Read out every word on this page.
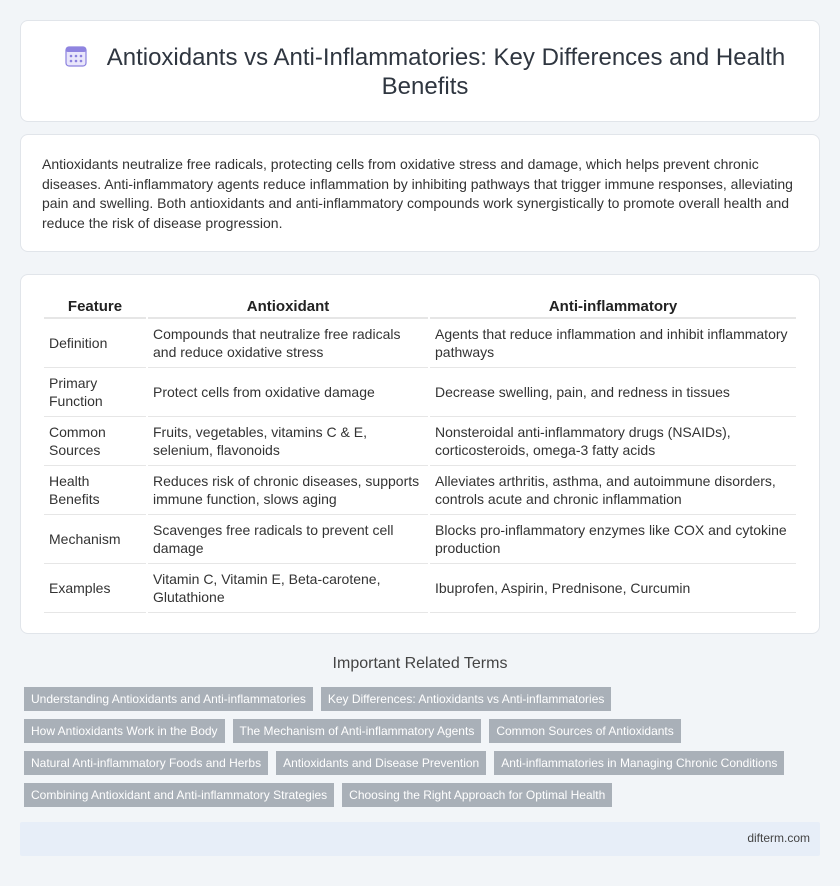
Antioxidants vs Anti-Inflammatories: Key Differences and Health Benefits

Antioxidants neutralize free radicals, protecting cells from oxidative stress and damage, which helps prevent chronic diseases. Anti-inflammatory agents reduce inflammation by inhibiting pathways that trigger immune responses, alleviating pain and swelling. Both antioxidants and anti-inflammatory compounds work synergistically to promote overall health and reduce the risk of disease progression.

Feature	Antioxidant	Anti-inflammatory
Definition	Compounds that neutralize free radicals and reduce oxidative stress	Agents that reduce inflammation and inhibit inflammatory pathways
Primary Function	Protect cells from oxidative damage	Decrease swelling, pain, and redness in tissues
Common Sources	Fruits, vegetables, vitamins C & E, selenium, flavonoids	Nonsteroidal anti-inflammatory drugs (NSAIDs), corticosteroids, omega-3 fatty acids
Health Benefits	Reduces risk of chronic diseases, supports immune function, slows aging	Alleviates arthritis, asthma, and autoimmune disorders, controls acute and chronic inflammation
Mechanism	Scavenges free radicals to prevent cell damage	Blocks pro-inflammatory enzymes like COX and cytokine production
Examples	Vitamin C, Vitamin E, Beta-carotene, Glutathione	Ibuprofen, Aspirin, Prednisone, Curcumin
Important Related Terms
Understanding Antioxidants and Anti-inflammatories	Key Differences: Antioxidants vs Anti-inflammatories
How Antioxidants Work in the Body	The Mechanism of Anti-inflammatory Agents	Common Sources of Antioxidants
Natural Anti-inflammatory Foods and Herbs	Antioxidants and Disease Prevention	Anti-inflammatories in Managing Chronic Conditions
Combining Antioxidant and Anti-inflammatory Strategies	Choosing the Right Approach for Optimal Health
difterm.com
